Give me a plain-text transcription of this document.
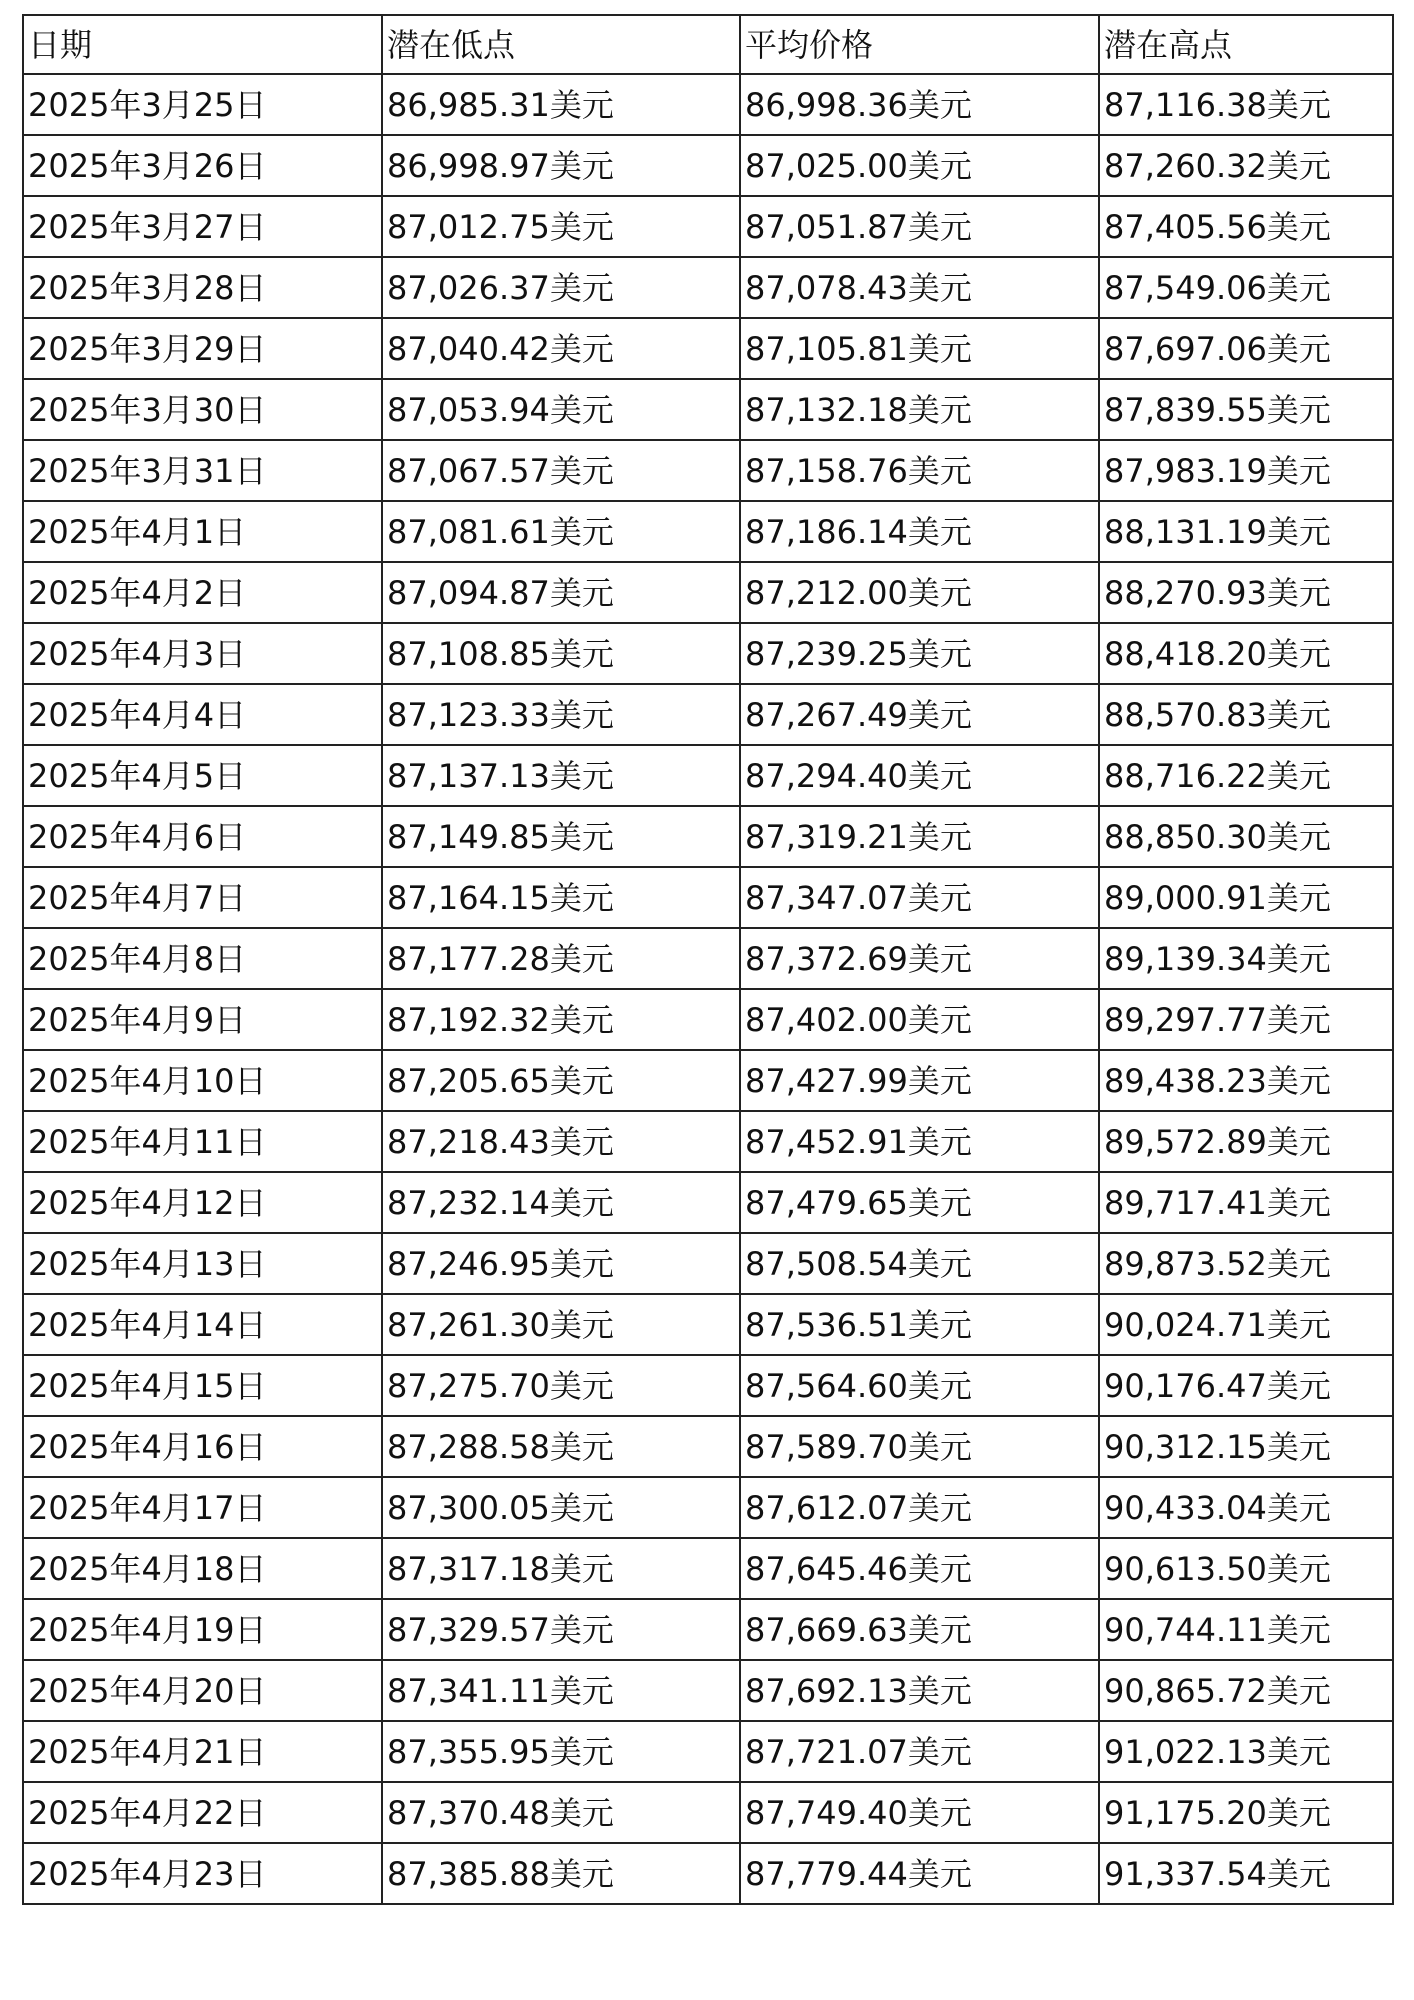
日期	潜在低点	平均价格	潜在高点
2025年3月25日	86,985.31美元	86,998.36美元	87,116.38美元
2025年3月26日	86,998.97美元	87,025.00美元	87,260.32美元
2025年3月27日	87,012.75美元	87,051.87美元	87,405.56美元
2025年3月28日	87,026.37美元	87,078.43美元	87,549.06美元
2025年3月29日	87,040.42美元	87,105.81美元	87,697.06美元
2025年3月30日	87,053.94美元	87,132.18美元	87,839.55美元
2025年3月31日	87,067.57美元	87,158.76美元	87,983.19美元
2025年4月1日	87,081.61美元	87,186.14美元	88,131.19美元
2025年4月2日	87,094.87美元	87,212.00美元	88,270.93美元
2025年4月3日	87,108.85美元	87,239.25美元	88,418.20美元
2025年4月4日	87,123.33美元	87,267.49美元	88,570.83美元
2025年4月5日	87,137.13美元	87,294.40美元	88,716.22美元
2025年4月6日	87,149.85美元	87,319.21美元	88,850.30美元
2025年4月7日	87,164.15美元	87,347.07美元	89,000.91美元
2025年4月8日	87,177.28美元	87,372.69美元	89,139.34美元
2025年4月9日	87,192.32美元	87,402.00美元	89,297.77美元
2025年4月10日	87,205.65美元	87,427.99美元	89,438.23美元
2025年4月11日	87,218.43美元	87,452.91美元	89,572.89美元
2025年4月12日	87,232.14美元	87,479.65美元	89,717.41美元
2025年4月13日	87,246.95美元	87,508.54美元	89,873.52美元
2025年4月14日	87,261.30美元	87,536.51美元	90,024.71美元
2025年4月15日	87,275.70美元	87,564.60美元	90,176.47美元
2025年4月16日	87,288.58美元	87,589.70美元	90,312.15美元
2025年4月17日	87,300.05美元	87,612.07美元	90,433.04美元
2025年4月18日	87,317.18美元	87,645.46美元	90,613.50美元
2025年4月19日	87,329.57美元	87,669.63美元	90,744.11美元
2025年4月20日	87,341.11美元	87,692.13美元	90,865.72美元
2025年4月21日	87,355.95美元	87,721.07美元	91,022.13美元
2025年4月22日	87,370.48美元	87,749.40美元	91,175.20美元
2025年4月23日	87,385.88美元	87,779.44美元	91,337.54美元
